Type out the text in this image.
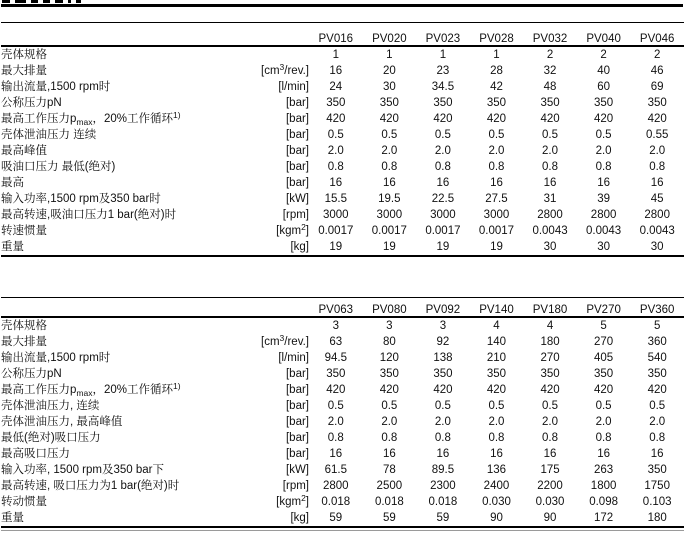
		PV016	PV020	PV023	PV028	PV032	PV040	PV046
壳体规格		1	1	1	1	2	2	2
最大排量	$[cm^3/rev.]$	16	20	23	28	32	40	46
输出流量,1500 rpm时	[l/min]	24	30	34.5	42	48	60	69
公称压力pN	[bar]	350	350	350	350	350	350	350
最高工作压力$p_{max}$，20%工作循环$^{1)}$	[bar]	420	420	420	420	420	420	420
壳体泄油压力 连续	[bar]	0.5	0.5	0.5	0.5	0.5	0.5	0.55
最高峰值	[bar]	2.0	2.0	2.0	2.0	2.0	2.0	2.0
吸油口压力 最低(绝对)	[bar]	0.8	0.8	0.8	0.8	0.8	0.8	0.8
最高	[bar]	16	16	16	16	16	16	16
输入功率,1500 rpm及350 bar时	[kW]	15.5	19.5	22.5	27.5	31	39	45
最高转速,吸油口压力1 bar(绝对)时	[rpm]	3000	3000	3000	3000	2800	2800	2800
转速惯量	[kgm$^2$]	0.0017	0.0017	0.0017	0.0017	0.0043	0.0043	0.0043
重量	[kg]	19	19	19	19	30	30	30
		PV063	PV080	PV092	PV140	PV180	PV270	PV360
壳体规格		3	3	3	4	4	5	5
最大排量	$[cm^3/rev.]$	63	80	92	140	180	270	360
输出流量,1500 rpm时	[l/min]	94.5	120	138	210	270	405	540
公称压力pN	[bar]	350	350	350	350	350	350	350
最高工作压力$p_{max}$，20%工作循环$^{1)}$	[bar]	420	420	420	420	420	420	420
壳体泄油压力, 连续	[bar]	0.5	0.5	0.5	0.5	0.5	0.5	0.5
壳体泄油压力, 最高峰值	[bar]	2.0	2.0	2.0	2.0	2.0	2.0	2.0
最低(绝对)吸口压力	[bar]	0.8	0.8	0.8	0.8	0.8	0.8	0.8
最高吸口压力	[bar]	16	16	16	16	16	16	16
输入功率, 1500 rpm及350 bar下	[kW]	61.5	78	89.5	136	175	263	350
最高转速, 吸口压力为1 bar(绝对)时	[rpm]	2800	2500	2300	2400	2200	1800	1750
转动惯量	[kgm$^2$]	0.018	0.018	0.018	0.030	0.030	0.098	0.103
重量	[kg]	59	59	59	90	90	172	180
